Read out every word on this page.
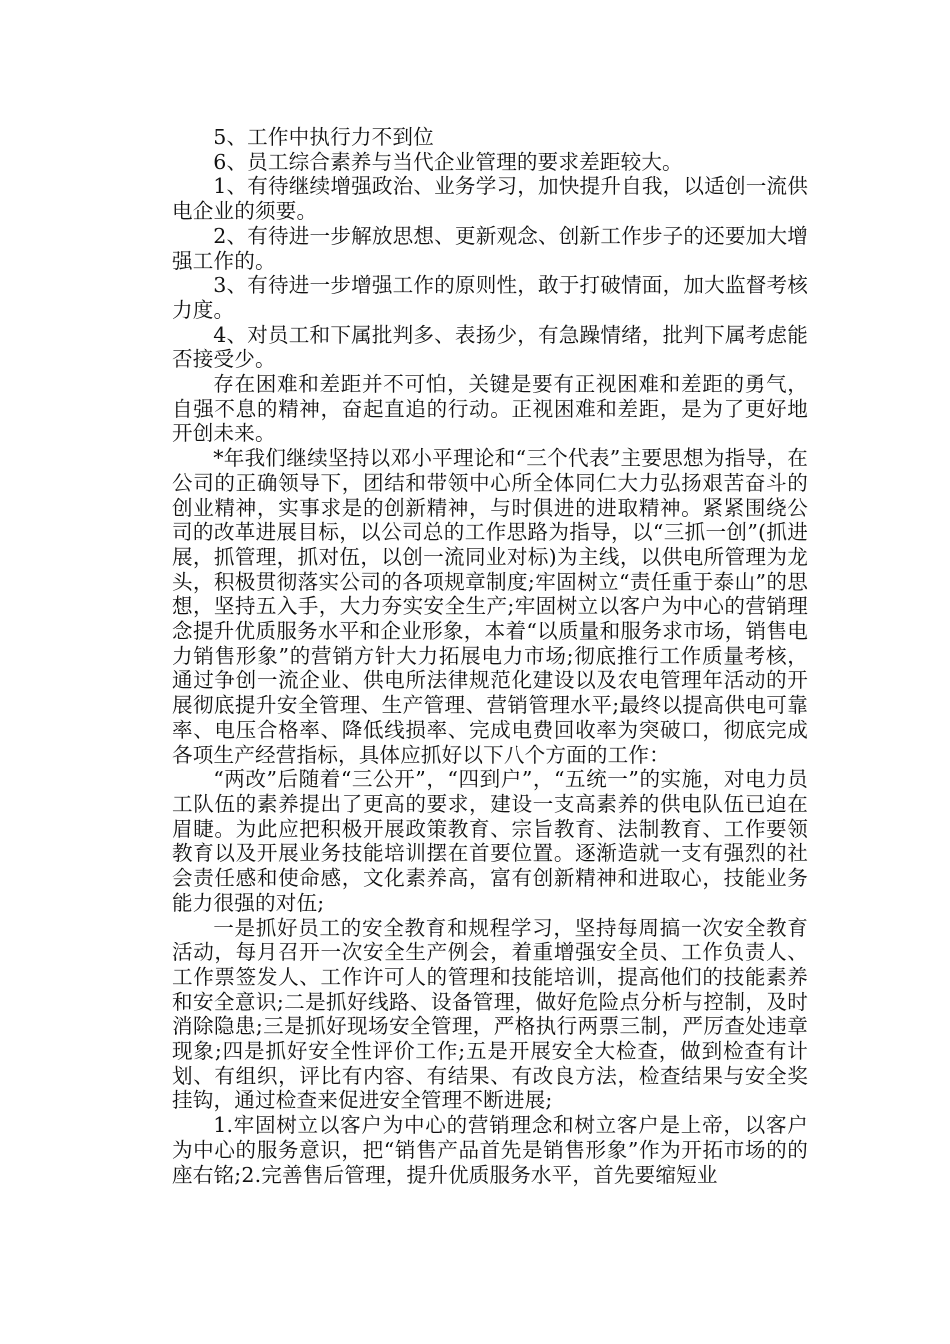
5、工作中执行力不到位

6、员工综合素养与当代企业管理的要求差距较大。

1、有待继续增强政治、业务学习，加快提升自我，以适创一流供电企业的须要。

2、有待进一步解放思想、更新观念、创新工作步子的还要加大增强工作的。

3、有待进一步增强工作的原则性，敢于打破情面，加大监督考核力度。

4、对员工和下属批判多、表扬少，有急躁情绪，批判下属考虑能否接受少。

存在困难和差距并不可怕，关键是要有正视困难和差距的勇气，自强不息的精神，奋起直追的行动。正视困难和差距，是为了更好地开创未来。

*年我们继续坚持以邓小平理论和“三个代表”主要思想为指导，在公司的正确领导下，团结和带领中心所全体同仁大力弘扬艰苦奋斗的创业精神，实事求是的创新精神，与时俱进的进取精神。紧紧围绕公司的改革进展目标，以公司总的工作思路为指导，以“三抓一创”(抓进展，抓管理，抓对伍，以创一流同业对标)为主线，以供电所管理为龙头，积极贯彻落实公司的各项规章制度;牢固树立“责任重于泰山”的思想，坚持五入手，大力夯实安全生产;牢固树立以客户为中心的营销理念提升优质服务水平和企业形象，本着“以质量和服务求市场，销售电力销售形象”的营销方针大力拓展电力市场;彻底推行工作质量考核，通过争创一流企业、供电所法律规范化建设以及农电管理年活动的开展彻底提升安全管理、生产管理、营销管理水平;最终以提高供电可靠率、电压合格率、降低线损率、完成电费回收率为突破口，彻底完成各项生产经营指标，具体应抓好以下八个方面的工作：

“两改”后随着“三公开”，“四到户”，“五统一”的实施，对电力员工队伍的素养提出了更高的要求，建设一支高素养的供电队伍已迫在眉睫。为此应把积极开展政策教育、宗旨教育、法制教育、工作要领教育以及开展业务技能培训摆在首要位置。逐渐造就一支有强烈的社会责任感和使命感，文化素养高，富有创新精神和进取心，技能业务能力很强的对伍;

一是抓好员工的安全教育和规程学习，坚持每周搞一次安全教育活动，每月召开一次安全生产例会，着重增强安全员、工作负责人、工作票签发人、工作许可人的管理和技能培训，提高他们的技能素养和安全意识;二是抓好线路、设备管理，做好危险点分析与控制，及时消除隐患;三是抓好现场安全管理，严格执行两票三制，严厉查处违章现象;四是抓好安全性评价工作;五是开展安全大检查，做到检查有计划、有组织，评比有内容、有结果、有改良方法，检查结果与安全奖挂钩，通过检查来促进安全管理不断进展;

1.牢固树立以客户为中心的营销理念和树立客户是上帝，以客户为中心的服务意识，把“销售产品首先是销售形象”作为开拓市场的的座右铭;2.完善售后管理，提升优质服务水平，首先要缩短业
